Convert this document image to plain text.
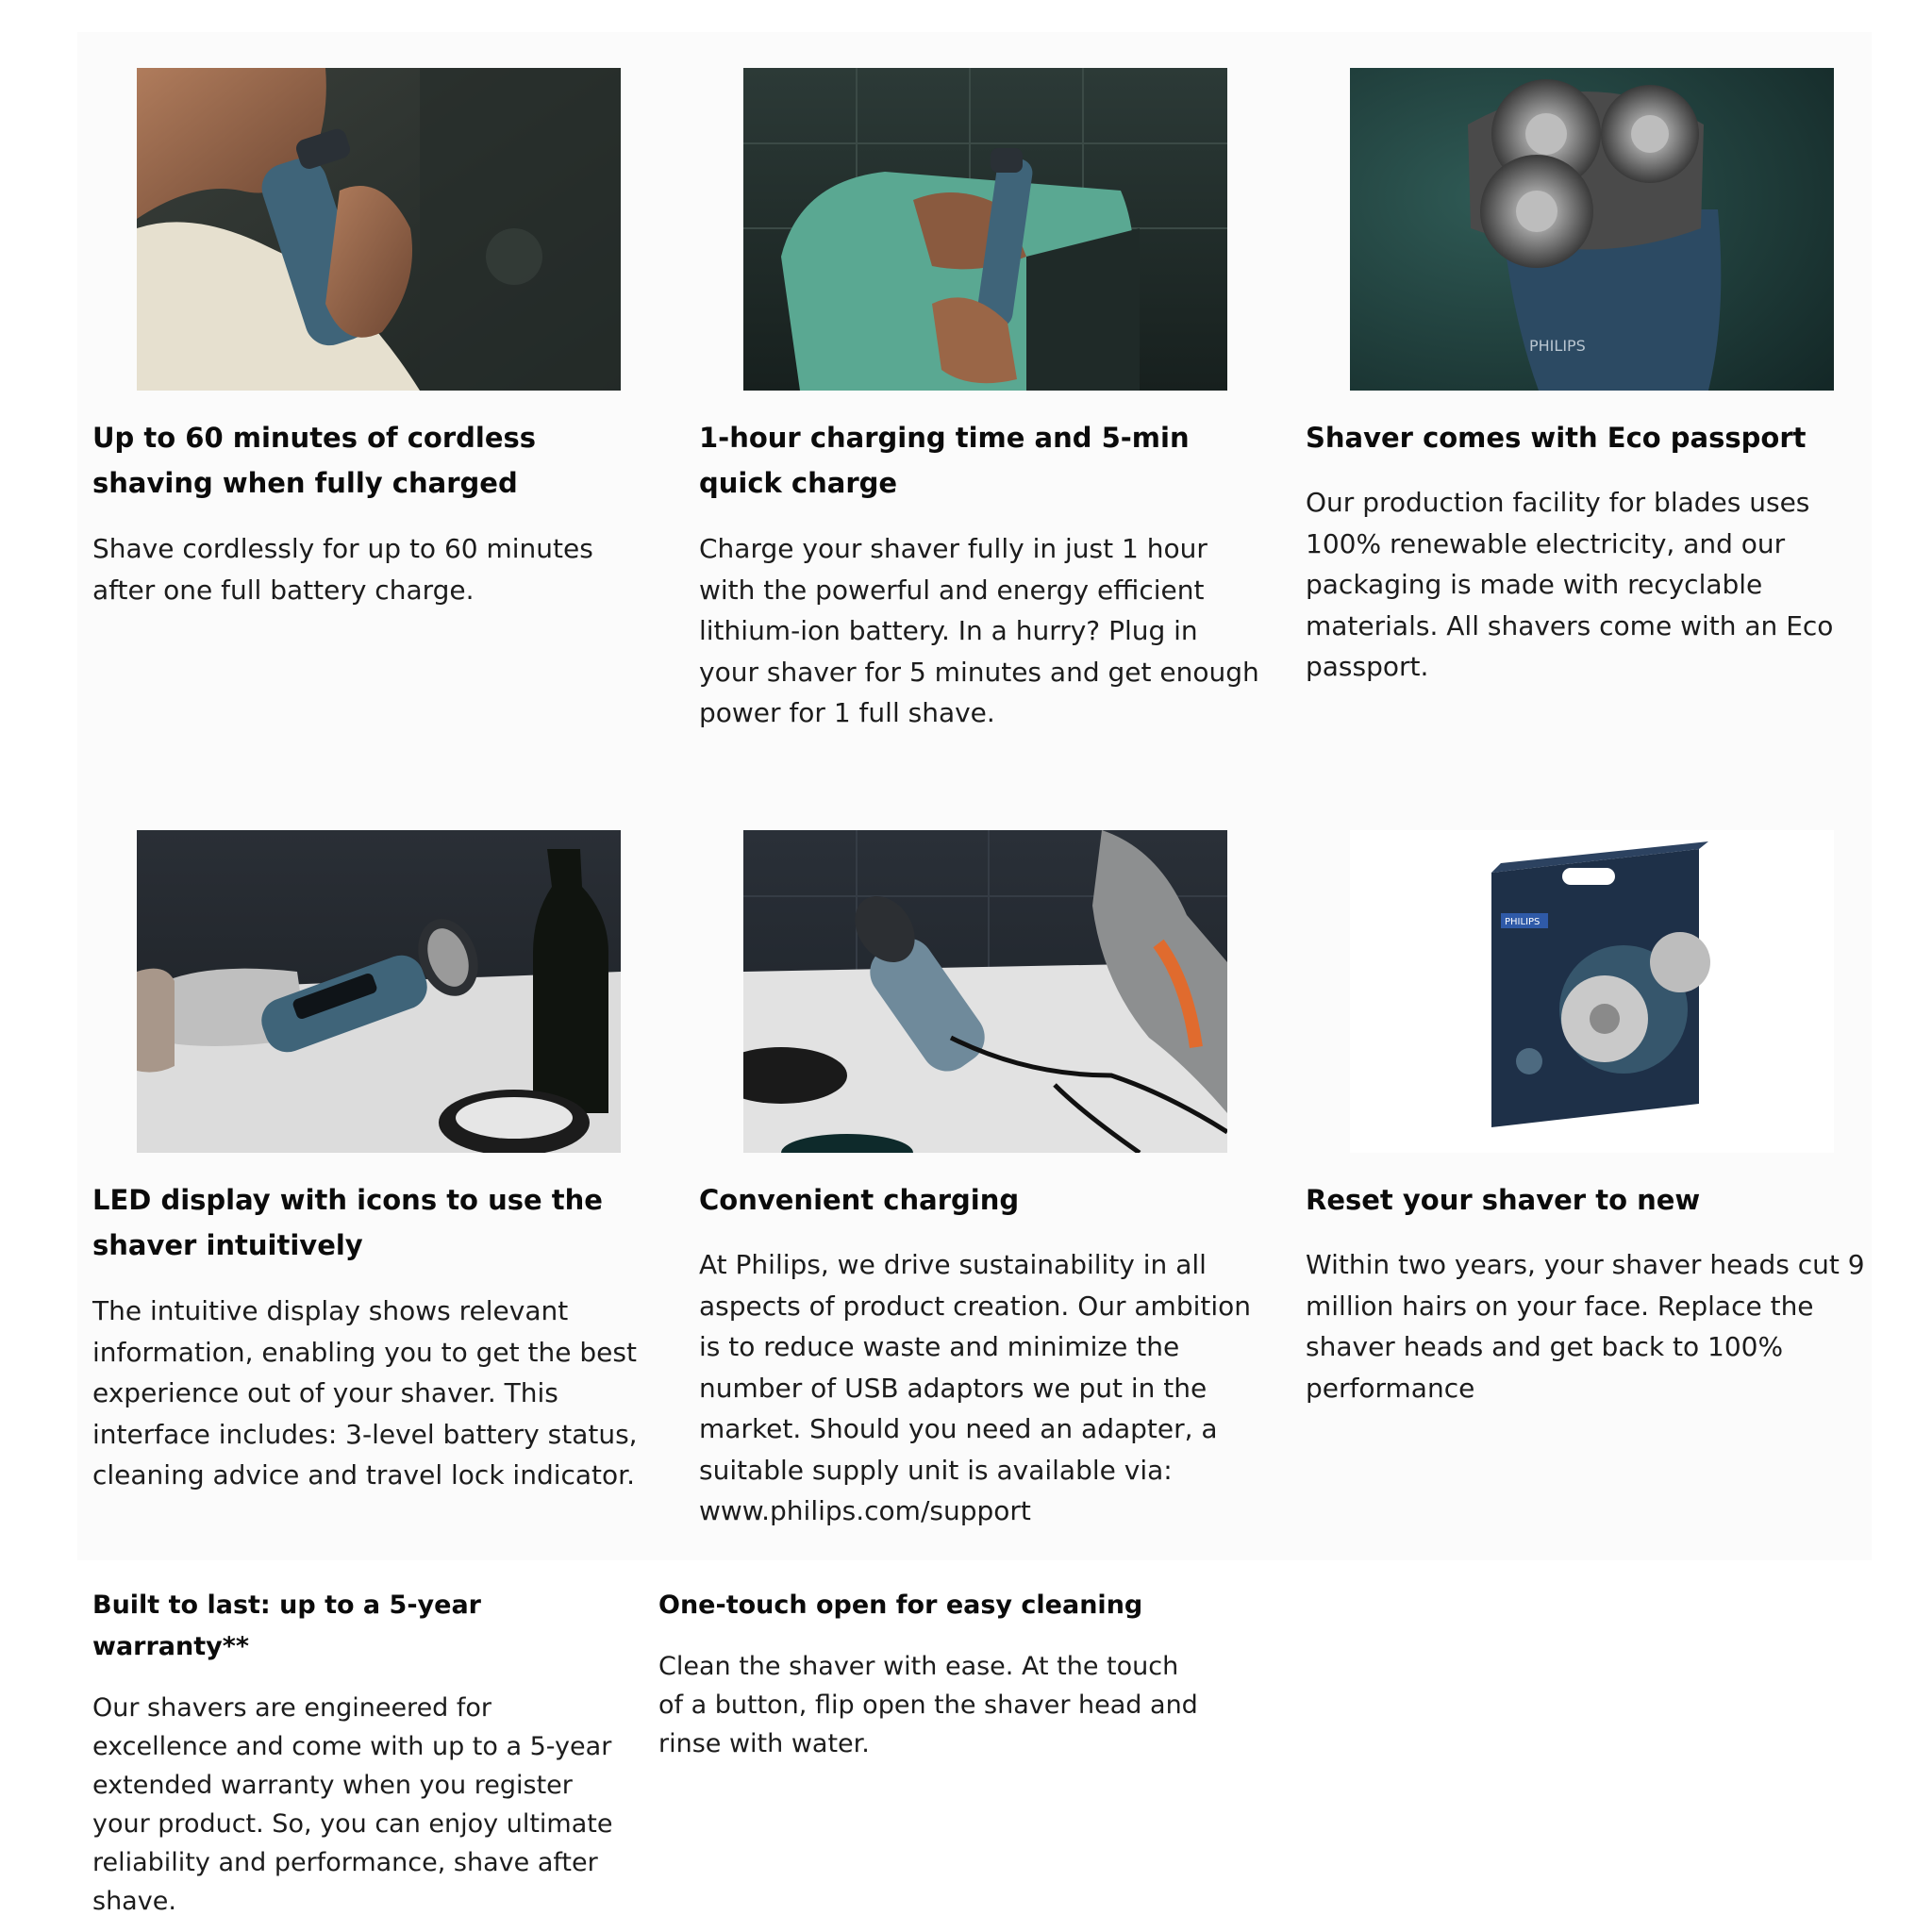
Up to 60 minutes of cordless shaving when fully charged

Shave cordlessly for up to 60 minutes after one full battery charge.

1-hour charging time and 5-min quick charge

Charge your shaver fully in just 1 hour with the powerful and energy efficient lithium-ion battery. In a hurry? Plug in your shaver for 5 minutes and get enough power for 1 full shave.

PHILIPS
Shaver comes with Eco passport

Our production facility for blades uses 100% renewable electricity, and our packaging is made with recyclable materials. All shavers come with an Eco passport.

LED display with icons to use the shaver intuitively

The intuitive display shows relevant information, enabling you to get the best experience out of your shaver. This interface includes: 3-level battery status, cleaning advice and travel lock indicator.

Convenient charging

At Philips, we drive sustainability in all aspects of product creation. Our ambition is to reduce waste and minimize the number of USB adaptors we put in the market. Should you need an adapter, a suitable supply unit is available via: www.philips.com/support

PHILIPS
Reset your shaver to new

Within two years, your shaver heads cut 9 million hairs on your face. Replace the shaver heads and get back to 100% performance

Built to last: up to a 5-year warranty**

Our shavers are engineered for excellence and come with up to a 5-year extended warranty when you register your product. So, you can enjoy ultimate reliability and performance, shave after shave.

One-touch open for easy cleaning

Clean the shaver with ease. At the touch of a button, flip open the shaver head and rinse with water.
